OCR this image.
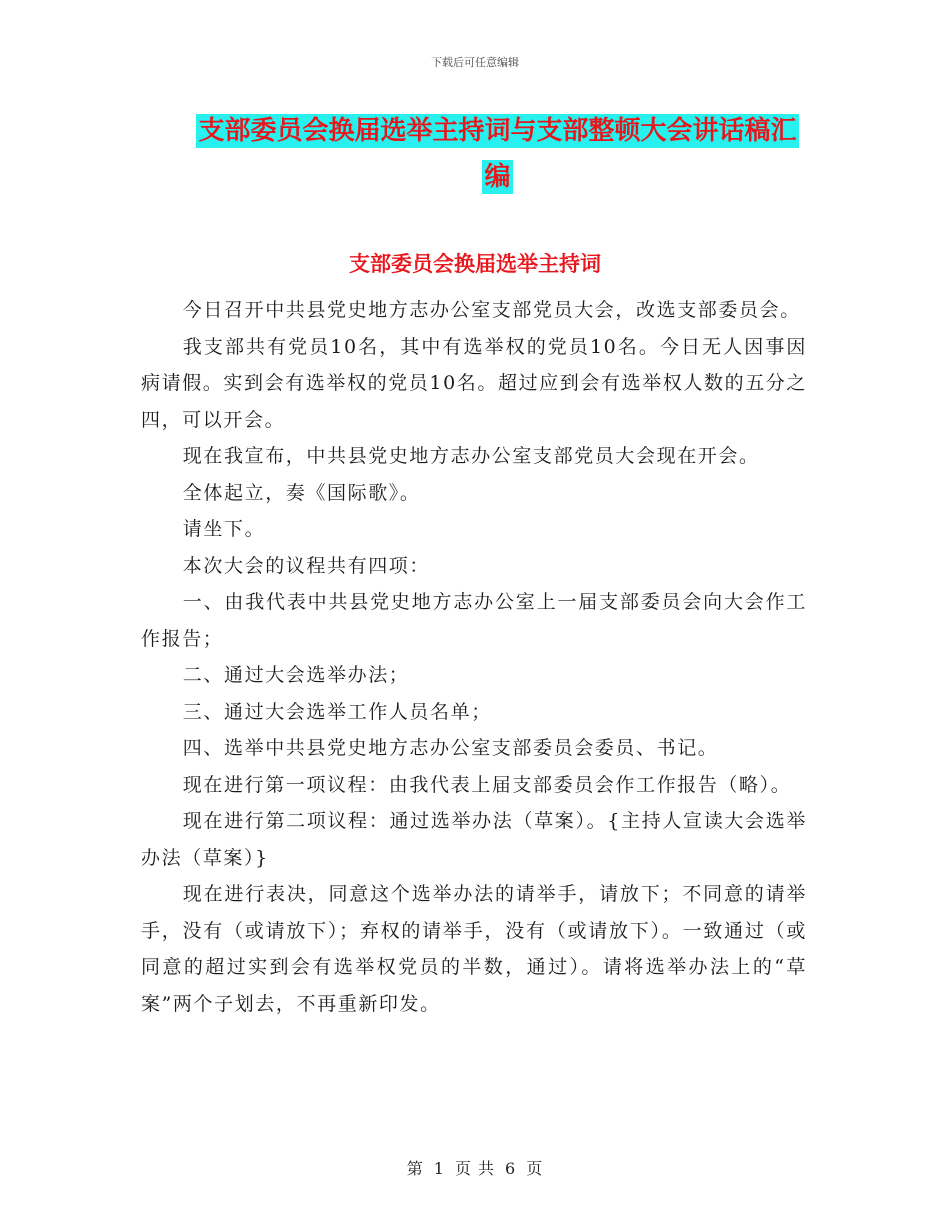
下载后可任意编辑
支部委员会换届选举主持词与支部整顿大会讲话稿汇
编
支部委员会换届选举主持词

今日召开中共县党史地方志办公室支部党员大会，改选支部委员会。

我支部共有党员10名，其中有选举权的党员10名。今日无人因事因病请假。实到会有选举权的党员10名。超过应到会有选举权人数的五分之四，可以开会。

现在我宣布，中共县党史地方志办公室支部党员大会现在开会。

全体起立，奏《国际歌》。

请坐下。

本次大会的议程共有四项：

一、由我代表中共县党史地方志办公室上一届支部委员会向大会作工作报告；

二、通过大会选举办法；

三、通过大会选举工作人员名单；

四、选举中共县党史地方志办公室支部委员会委员、书记。

现在进行第一项议程：由我代表上届支部委员会作工作报告（略）。

现在进行第二项议程：通过选举办法（草案）。{主持人宣读大会选举办法（草案）}

现在进行表决，同意这个选举办法的请举手，请放下；不同意的请举手，没有（或请放下）；弃权的请举手，没有（或请放下）。一致通过（或同意的超过实到会有选举权党员的半数，通过）。请将选举办法上的“草案”两个子划去，不再重新印发。

第 1 页 共 6 页
